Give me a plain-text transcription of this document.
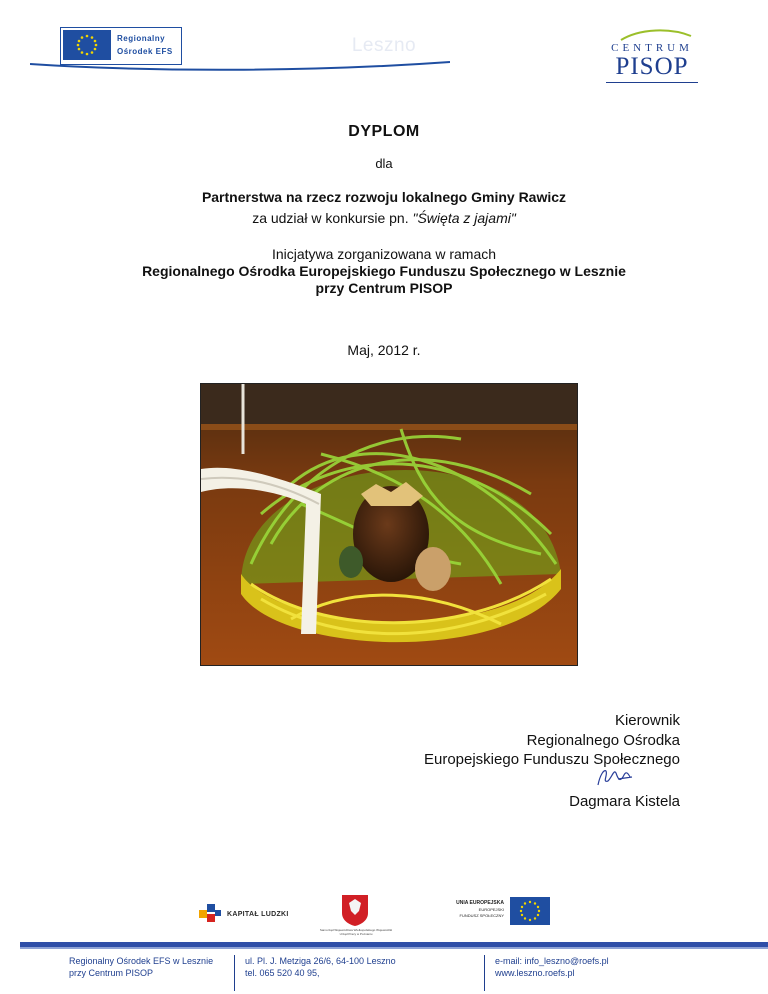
Regionalny
Ośrodek EFS	Leszno	CENTRUM
PISOP
DYPLOM
dla
Partnerstwa na rzecz rozwoju lokalnego Gminy Rawicz
za udział w konkursie pn. "Święta z jajami"
Inicjatywa zorganizowana w ramach
Regionalnego Ośrodka Europejskiego Funduszu Społecznego w Lesznie
przy Centrum PISOP
Maj, 2012 r.
Kierownik
Regionalnego Ośrodka
Europejskiego Funduszu Społecznego
Dagmara Kistela
KAPITAŁ LUDZKI
Samorząd Województwa Wielkopolskiego Wojewódzki Urząd Pracy w Poznaniu
UNIA EUROPEJSKA
EUROPEJSKI
FUNDUSZ SPOŁECZNY
Regionalny Ośrodek EFS w Lesznie
przy Centrum PISOP
ul. Pl. J. Metziga 26/6, 64-100 Leszno
tel. 065 520 40 95,
e-mail: info_leszno@roefs.pl
www.leszno.roefs.pl
